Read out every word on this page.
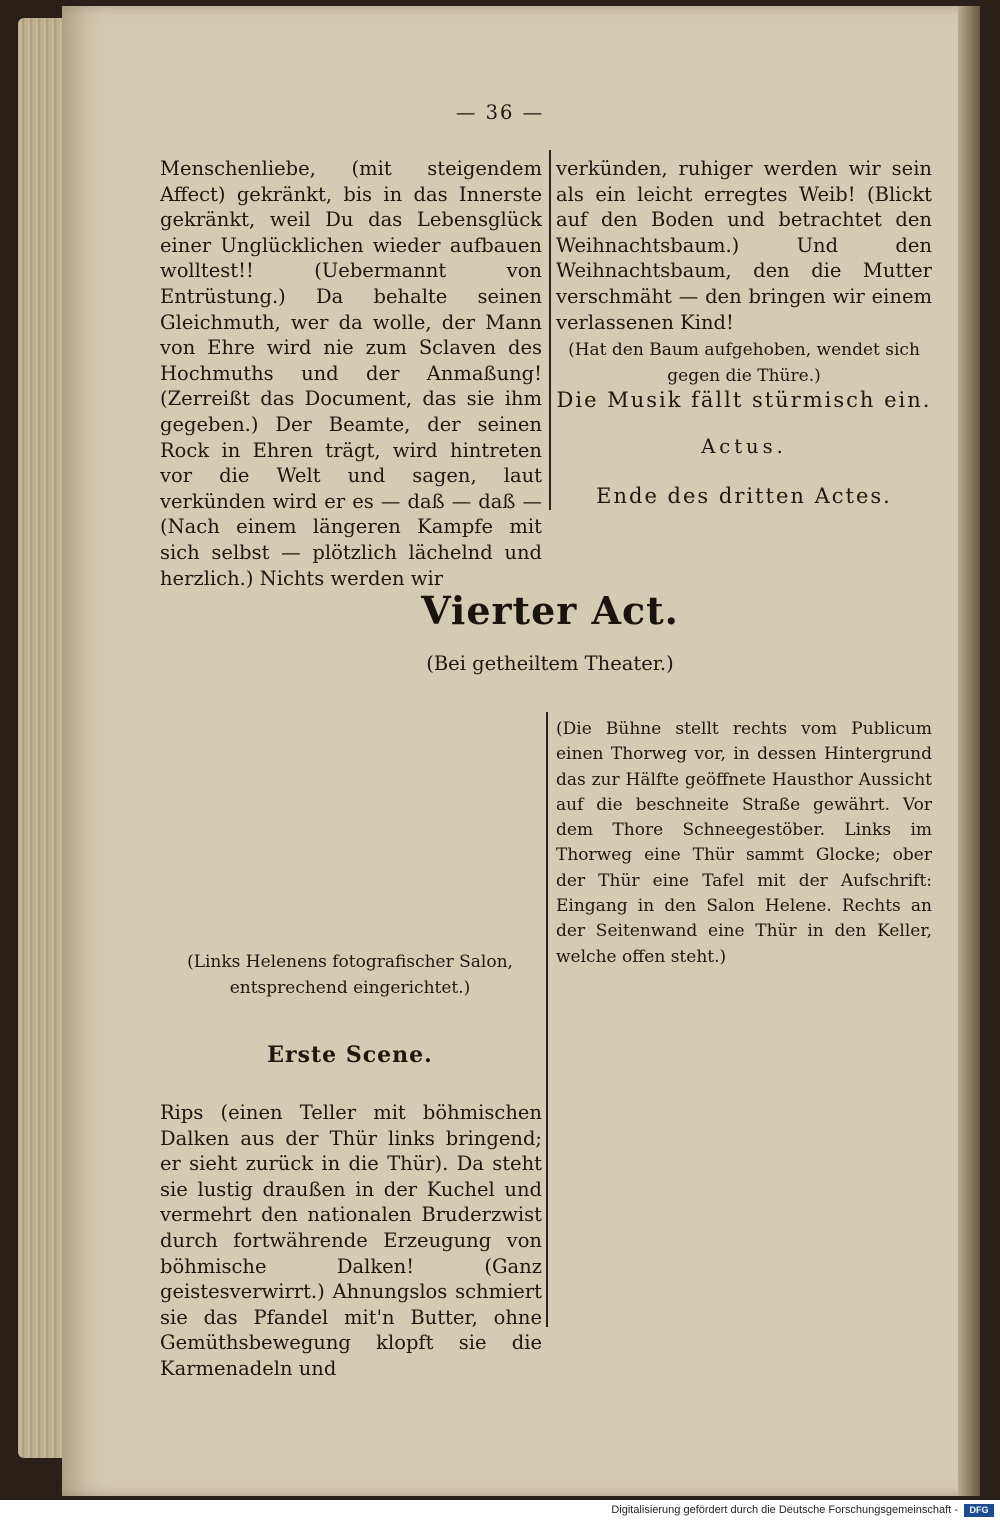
— 36 —

Menschenliebe, (mit steigendem Affect) gekränkt, bis in das Innerste gekränkt, weil Du das Lebensglück einer Unglücklichen wieder aufbauen wolltest!! (Uebermannt von Entrüstung.) Da behalte seinen Gleichmuth, wer da wolle, der Mann von Ehre wird nie zum Sclaven des Hochmuths und der Anmaßung! (Zerreißt das Document, das sie ihm gegeben.) Der Beamte, der seinen Rock in Ehren trägt, wird hintreten vor die Welt und sagen, laut verkünden wird er es — daß — daß — (Nach einem längeren Kampfe mit sich selbst — plötzlich lächelnd und herzlich.) Nichts werden wir

verkünden, ruhiger werden wir sein als ein leicht erregtes Weib! (Blickt auf den Boden und betrachtet den Weihnachtsbaum.) Und den Weihnachtsbaum, den die Mutter verschmäht — den bringen wir einem verlassenen Kind!

(Hat den Baum aufgehoben, wendet sich gegen die Thüre.)

Die Musik fällt stürmisch ein.
Actus.
Ende des dritten Actes.
Vierter Act.
(Bei getheiltem Theater.)

(Links Helenens fotografischer Salon, entsprechend eingerichtet.)

Erste Scene.

Rips (einen Teller mit böhmischen Dalken aus der Thür links bringend; er sieht zurück in die Thür). Da steht sie lustig draußen in der Kuchel und vermehrt den nationalen Bruderzwist durch fortwährende Erzeugung von böhmische Dalken! (Ganz geistesverwirrt.) Ahnungslos schmiert sie das Pfandel mit'n Butter, ohne Gemüthsbewegung klopft sie die Karmenadeln und

(Die Bühne stellt rechts vom Publicum einen Thorweg vor, in dessen Hintergrund das zur Hälfte geöffnete Hausthor Aussicht auf die beschneite Straße gewährt. Vor dem Thore Schneegestöber. Links im Thorweg eine Thür sammt Glocke; ober der Thür eine Tafel mit der Aufschrift: Eingang in den Salon Helene. Rechts an der Seitenwand eine Thür in den Keller, welche offen steht.)

Digitalisierung gefördert durch die Deutsche Forschungsgemeinschaft -	DFG
